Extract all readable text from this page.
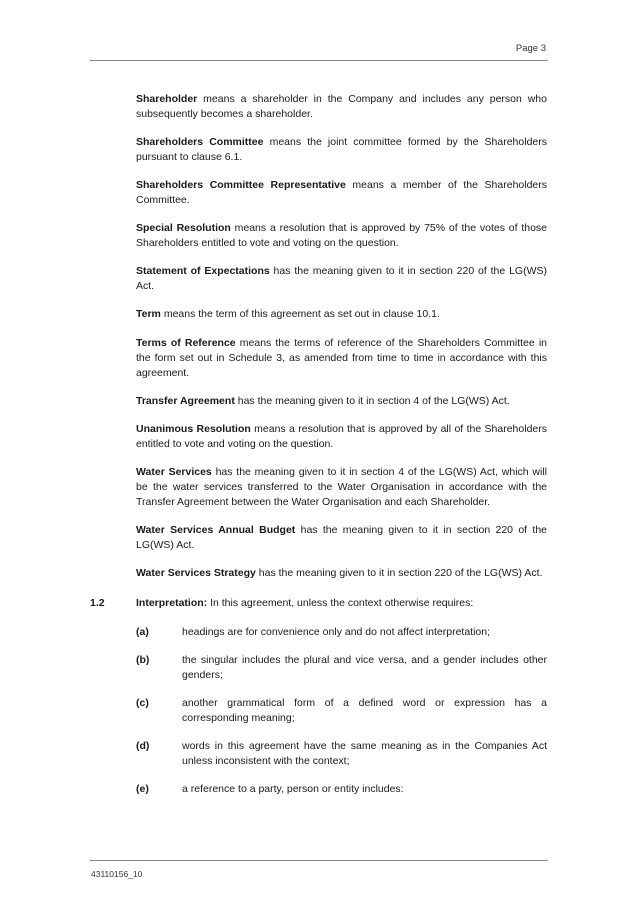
Page 3

Shareholder means a shareholder in the Company and includes any person who subsequently becomes a shareholder.

Shareholders Committee means the joint committee formed by the Shareholders pursuant to clause 6.1.

Shareholders Committee Representative means a member of the Shareholders Committee.

Special Resolution means a resolution that is approved by 75% of the votes of those Shareholders entitled to vote and voting on the question.

Statement of Expectations has the meaning given to it in section 220 of the LG(WS) Act.

Term means the term of this agreement as set out in clause 10.1.

Terms of Reference means the terms of reference of the Shareholders Committee in the form set out in Schedule 3, as amended from time to time in accordance with this agreement.

Transfer Agreement has the meaning given to it in section 4 of the LG(WS) Act.

Unanimous Resolution means a resolution that is approved by all of the Shareholders entitled to vote and voting on the question.

Water Services has the meaning given to it in section 4 of the LG(WS) Act, which will be the water services transferred to the Water Organisation in accordance with the Transfer Agreement between the Water Organisation and each Shareholder.

Water Services Annual Budget has the meaning given to it in section 220 of the LG(WS) Act.

Water Services Strategy has the meaning given to it in section 220 of the LG(WS) Act.

1.2	Interpretation: In this agreement, unless the context otherwise requires:

(a)	headings are for convenience only and do not affect interpretation;

(b)	the singular includes the plural and vice versa, and a gender includes other genders;

(c)	another grammatical form of a defined word or expression has a corresponding meaning;

(d)	words in this agreement have the same meaning as in the Companies Act unless inconsistent with the context;

(e)	a reference to a party, person or entity includes:

43110156_10
